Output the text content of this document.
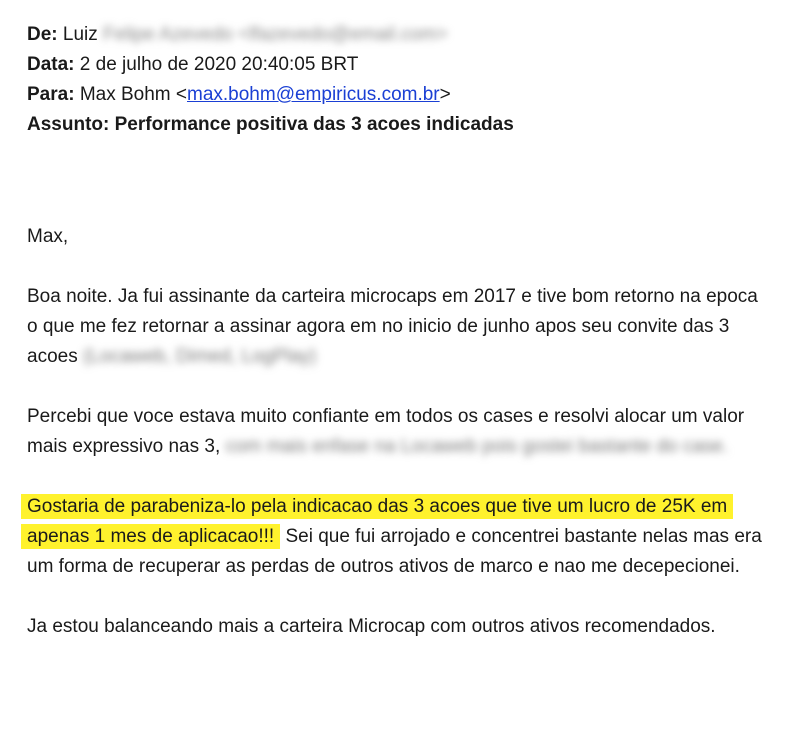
De: Luiz Felipe Azevedo <lfazevedo@email.com>
Data: 2 de julho de 2020 20:40:05 BRT
Para: Max Bohm <max.bohm@empiricus.com.br>
Assunto: Performance positiva das 3 acoes indicadas

Max,

Boa noite. Ja fui assinante da carteira microcaps em 2017 e tive bom retorno na epoca o que me fez retornar a assinar agora em no inicio de junho apos seu convite das 3 acoes (Locaweb, Dimed, LogPlay)

Percebi que voce estava muito confiante em todos os cases e resolvi alocar um valor mais expressivo nas 3, com mais enfase na Locaweb pois gostei bastante do case.

Gostaria de parabeniza-lo pela indicacao das 3 acoes que tive um lucro de 25K em apenas 1 mes de aplicacao!!! Sei que fui arrojado e concentrei bastante nelas mas era um forma de recuperar as perdas de outros ativos de marco e nao me decepecionei.

Ja estou balanceando mais a carteira Microcap com outros ativos recomendados.
